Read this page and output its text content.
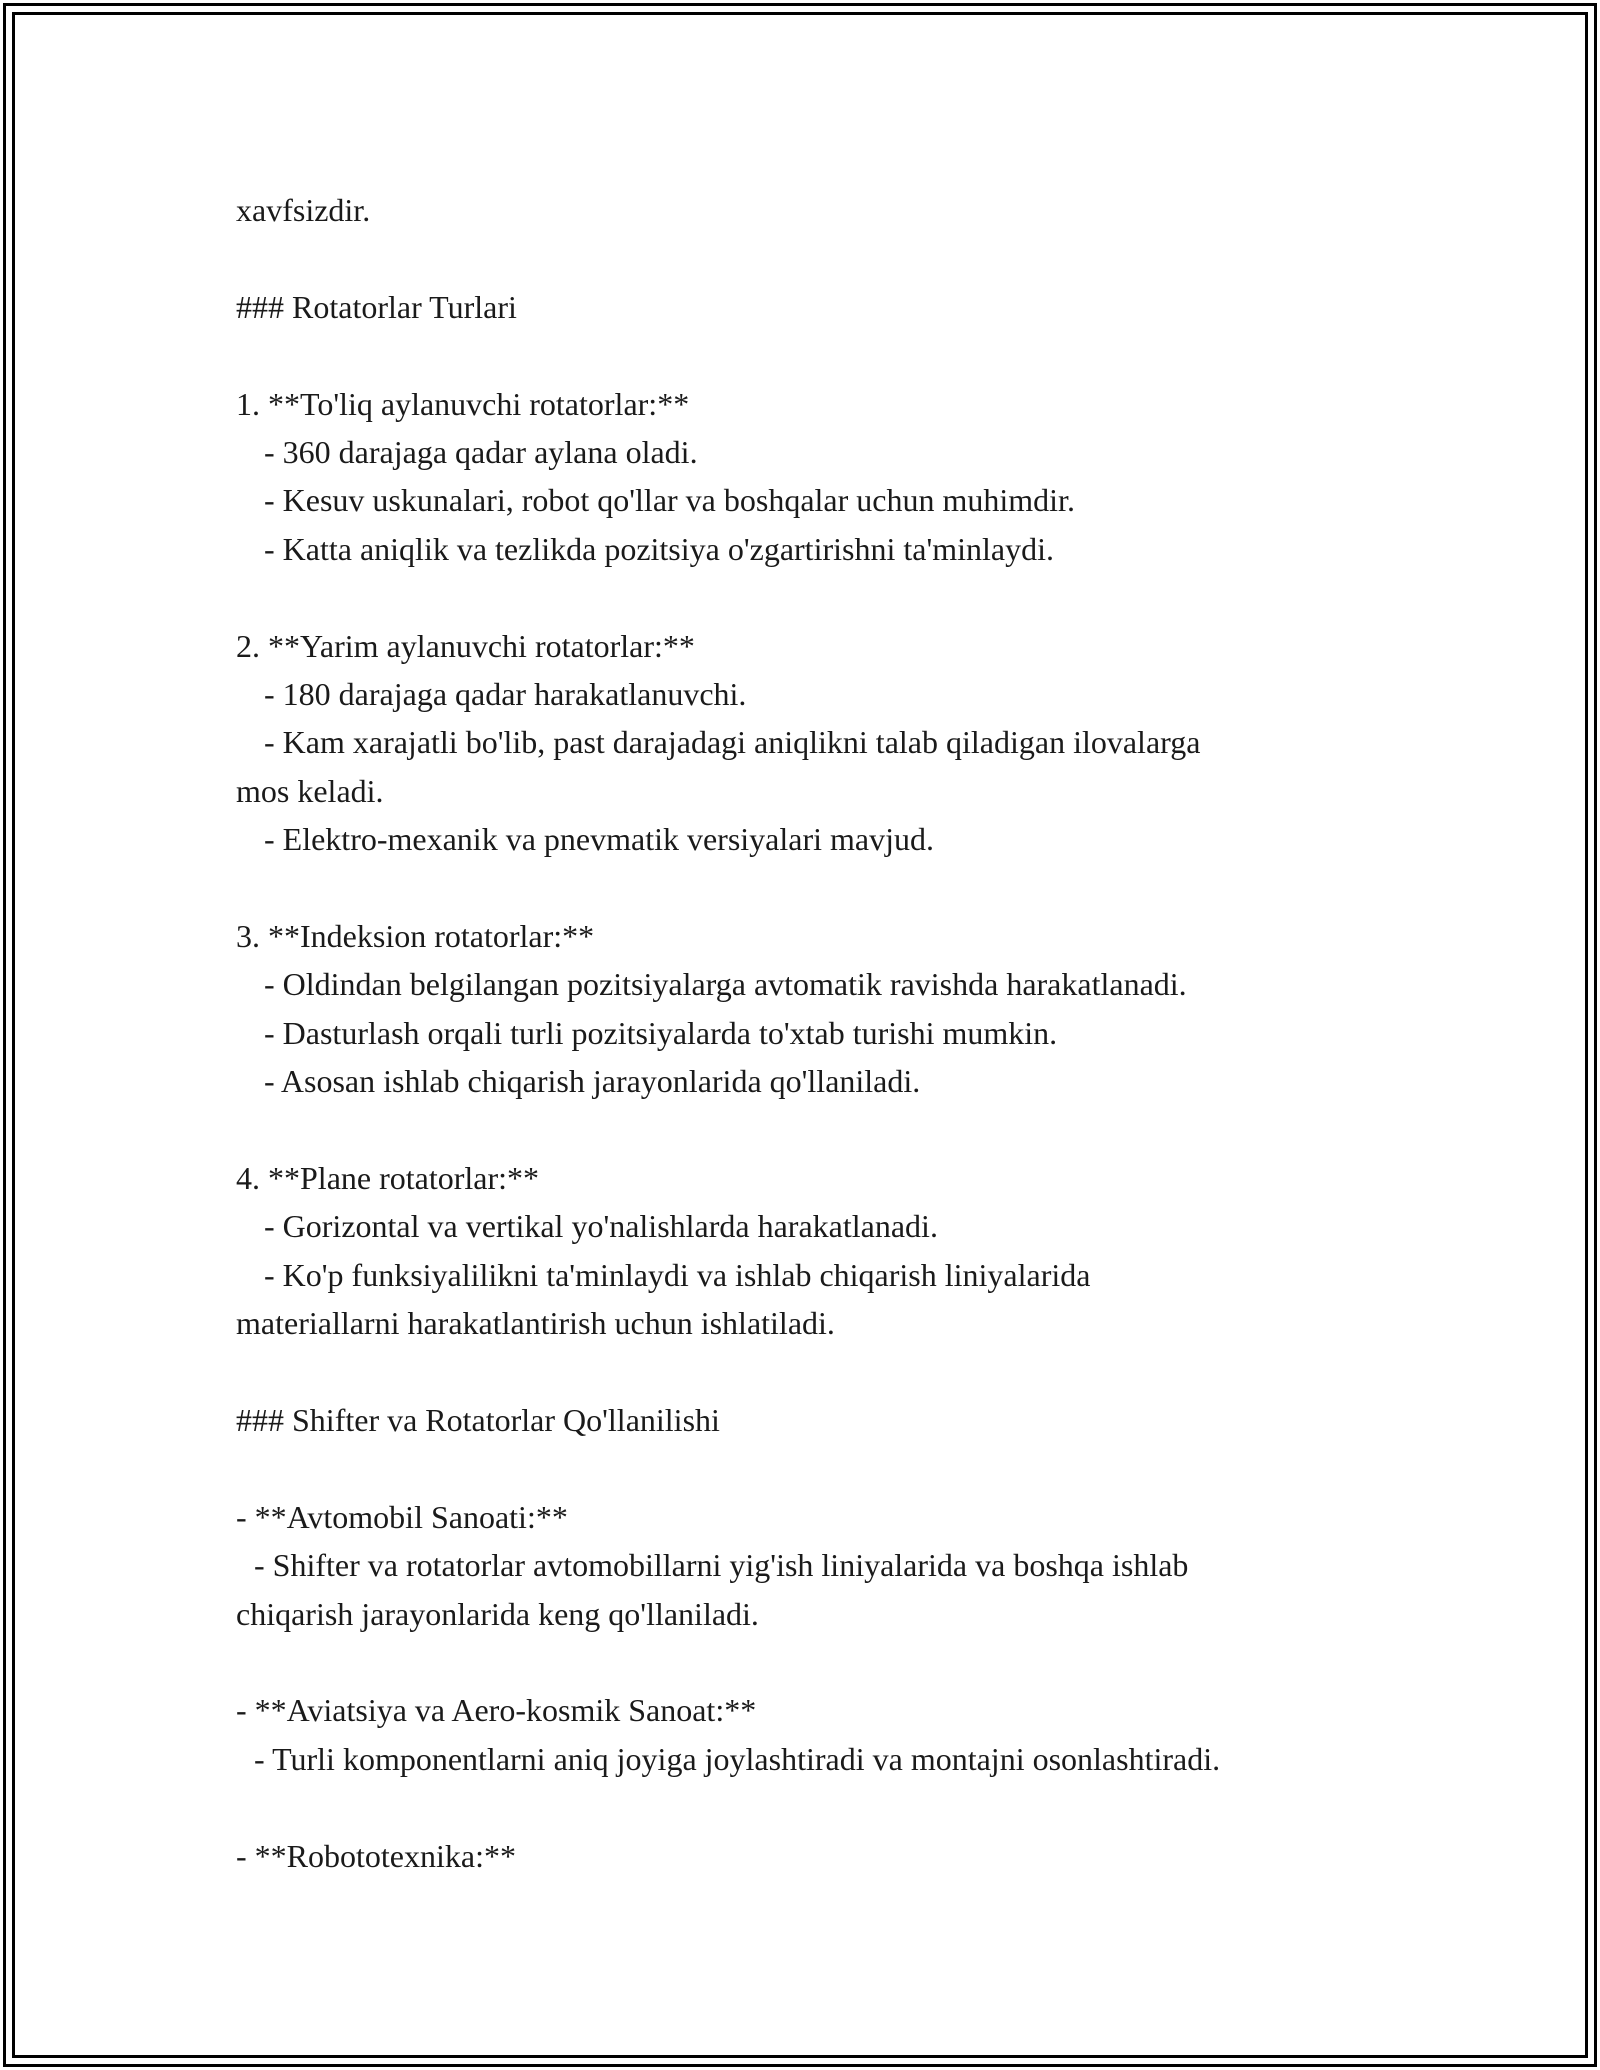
xavfsizdir.

### Rotatorlar Turlari

1. **To'liq aylanuvchi rotatorlar:**

- 360 darajaga qadar aylana oladi.

- Kesuv uskunalari, robot qo'llar va boshqalar uchun muhimdir.

- Katta aniqlik va tezlikda pozitsiya o'zgartirishni ta'minlaydi.

2. **Yarim aylanuvchi rotatorlar:**

- 180 darajaga qadar harakatlanuvchi.

- Kam xarajatli bo'lib, past darajadagi aniqlikni talab qiladigan ilovalarga

mos keladi.

- Elektro-mexanik va pnevmatik versiyalari mavjud.

3. **Indeksion rotatorlar:**

- Oldindan belgilangan pozitsiyalarga avtomatik ravishda harakatlanadi.

- Dasturlash orqali turli pozitsiyalarda to'xtab turishi mumkin.

- Asosan ishlab chiqarish jarayonlarida qo'llaniladi.

4. **Plane rotatorlar:**

- Gorizontal va vertikal yo'nalishlarda harakatlanadi.

- Ko'p funksiyalilikni ta'minlaydi va ishlab chiqarish liniyalarida

materiallarni harakatlantirish uchun ishlatiladi.

### Shifter va Rotatorlar Qo'llanilishi

- **Avtomobil Sanoati:**

- Shifter va rotatorlar avtomobillarni yig'ish liniyalarida va boshqa ishlab

chiqarish jarayonlarida keng qo'llaniladi.

- **Aviatsiya va Aero-kosmik Sanoat:**

- Turli komponentlarni aniq joyiga joylashtiradi va montajni osonlashtiradi.

- **Robototexnika:**
